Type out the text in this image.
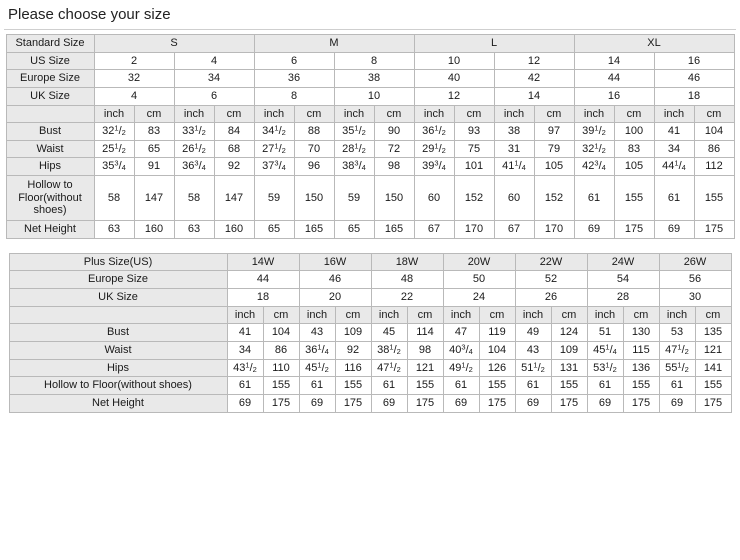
Please choose your size
Standard Size	S				M				L				XL			
US Size	2		4		6		8		10		12		14		16	
Europe Size	32		34		36		38		40		42		44		46	
UK Size	4		6		8		10		12		14		16		18	
	inch	cm	inch	cm	inch	cm	inch	cm	inch	cm	inch	cm	inch	cm	inch	cm
Bust	$32^1/_2$	83	$33^1/_2$	84	$34^1/_2$	88	$35^1/_2$	90	$36^1/_2$	93	38	97	$39^1/_2$	100	41	104
Waist	$25^1/_2$	65	$26^1/_2$	68	$27^1/_2$	70	$28^1/_2$	72	$29^1/_2$	75	31	79	$32^1/_2$	83	34	86
Hips	$35^3/_4$	91	$36^3/_4$	92	$37^3/_4$	96	$38^3/_4$	98	$39^3/_4$	101	$41^1/_4$	105	$42^3/_4$	105	$44^1/_4$	112
Hollow to Floor(without shoes)	58	147	58	147	59	150	59	150	60	152	60	152	61	155	61	155
Net Height	63	160	63	160	65	165	65	165	67	170	67	170	69	175	69	175
Plus Size(US)	14W		16W		18W		20W		22W		24W		26W	
Europe Size	44		46		48		50		52		54		56	
UK Size	18		20		22		24		26		28		30	
	inch	cm	inch	cm	inch	cm	inch	cm	inch	cm	inch	cm	inch	cm
Bust	41	104	43	109	45	114	47	119	49	124	51	130	53	135
Waist	34	86	$36^1/_4$	92	$38^1/_2$	98	$40^3/_4$	104	43	109	$45^1/_4$	115	$47^1/_2$	121
Hips	$43^1/_2$	110	$45^1/_2$	116	$47^1/_2$	121	$49^1/_2$	126	$51^1/_2$	131	$53^1/_2$	136	$55^1/_2$	141
Hollow to Floor(without shoes)	61	155	61	155	61	155	61	155	61	155	61	155	61	155
Net Height	69	175	69	175	69	175	69	175	69	175	69	175	69	175
